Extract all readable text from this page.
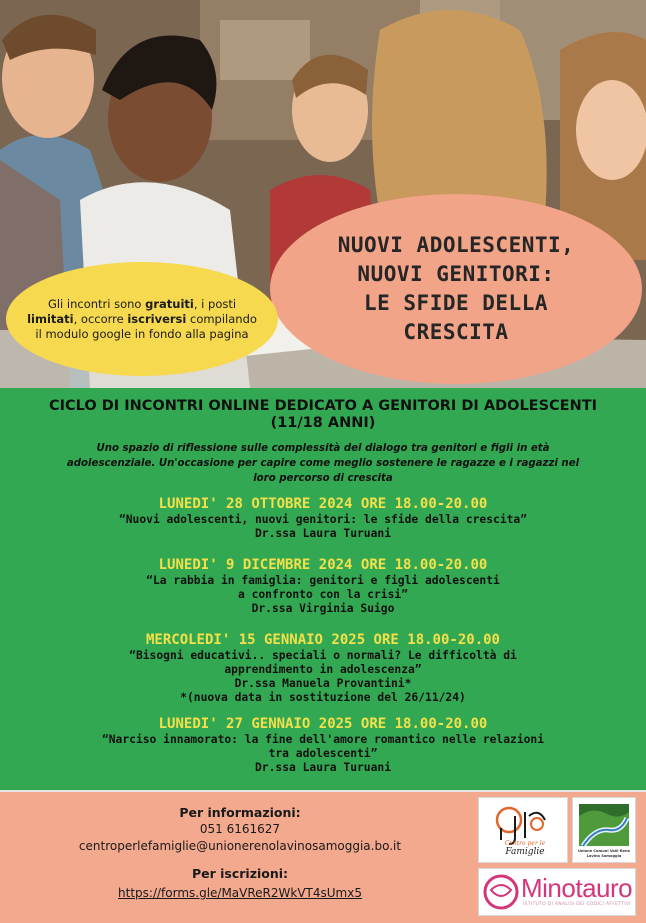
NUOVI ADOLESCENTI,
NUOVI GENITORI:
LE SFIDE DELLA
CRESCITA

Gli incontri sono gratuiti, i posti limitati, occorre iscriversi compilando il modulo google in fondo alla pagina

CICLO DI INCONTRI ONLINE DEDICATO A GENITORI DI ADOLESCENTI (11/18 ANNI)
Uno spazio di riflessione sulle complessità del dialogo tra genitori e figli in età adolescenziale. Un'occasione per capire come meglio sostenere le ragazze e i ragazzi nel loro percorso di crescita
LUNEDI' 28 OTTOBRE 2024 ORE 18.00-20.00
“Nuovi adolescenti, nuovi genitori: le sfide della crescita”
Dr.ssa Laura Turuani
LUNEDI' 9 DICEMBRE 2024 ORE 18.00-20.00
“La rabbia in famiglia: genitori e figli adolescenti
a confronto con la crisi”
Dr.ssa Virginia Suigo
MERCOLEDI' 15 GENNAIO 2025 ORE 18.00-20.00
“Bisogni educativi.. speciali o normali? Le difficoltà di
apprendimento in adolescenza”
Dr.ssa Manuela Provantini*
*(nuova data in sostituzione del 26/11/24)
LUNEDI' 27 GENNAIO 2025 ORE 18.00-20.00
“Narciso innamorato: la fine dell'amore romantico nelle relazioni
tra adolescenti”
Dr.ssa Laura Turuani
Per informazioni:
051 6161627
centroperlefamiglie@unionerenolavinosamoggia.bo.it
Per iscrizioni:
https://forms.gle/MaVReR2WkVT4sUmx5
Centro per le
Famiglie	Unione Comuni Valli Reno Lavino Samoggia
Minotauro
ISTITUTO DI ANALISI DEI CODICI AFFETTIVI
